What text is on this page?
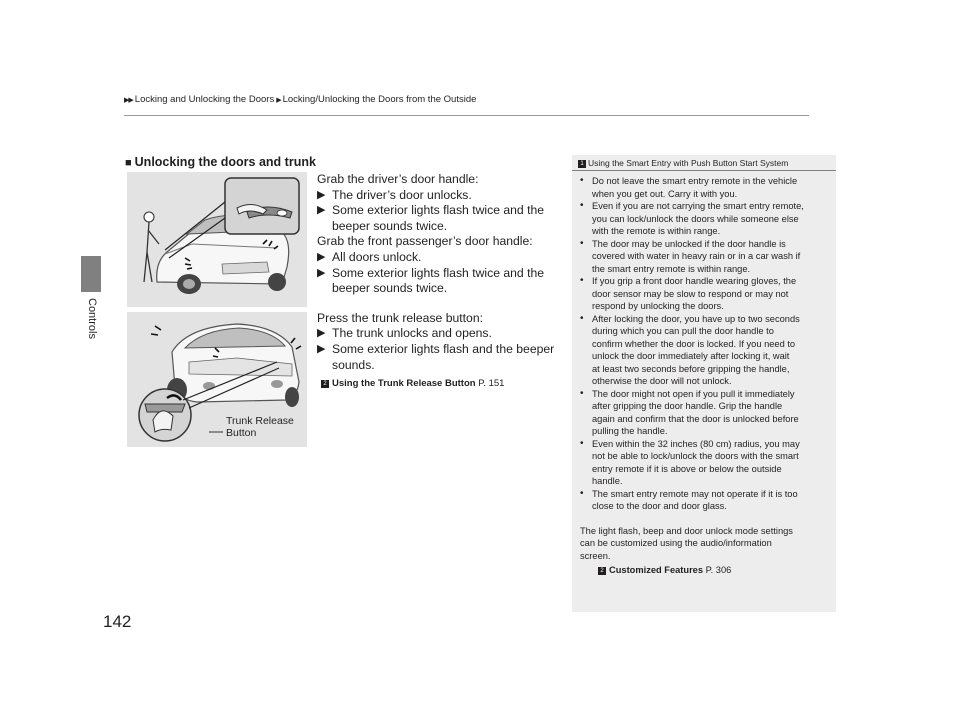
▶▶ Locking and Unlocking the Doors ▶ Locking/Unlocking the Doors from the Outside
Controls
142
■ Unlocking the doors and trunk
Trunk Release
Button
Grab the driver’s door handle:
▶ The driver’s door unlocks.
▶ Some exterior lights flash twice and the
beeper sounds twice.
Grab the front passenger’s door handle:
▶ All doors unlock.
▶ Some exterior lights flash twice and the
beeper sounds twice.
Press the trunk release button:
▶ The trunk unlocks and opens.
▶ Some exterior lights flash and the beeper
sounds.
2 Using the Trunk Release Button P. 151
1 Using the Smart Entry with Push Button Start System
• Do not leave the smart entry remote in the vehicle
when you get out. Carry it with you.
• Even if you are not carrying the smart entry remote,
you can lock/unlock the doors while someone else
with the remote is within range.
• The door may be unlocked if the door handle is
covered with water in heavy rain or in a car wash if
the smart entry remote is within range.
• If you grip a front door handle wearing gloves, the
door sensor may be slow to respond or may not
respond by unlocking the doors.
• After locking the door, you have up to two seconds
during which you can pull the door handle to
confirm whether the door is locked. If you need to
unlock the door immediately after locking it, wait
at least two seconds before gripping the handle,
otherwise the door will not unlock.
• The door might not open if you pull it immediately
after gripping the door handle. Grip the handle
again and confirm that the door is unlocked before
pulling the handle.
• Even within the 32 inches (80 cm) radius, you may
not be able to lock/unlock the doors with the smart
entry remote if it is above or below the outside
handle.
• The smart entry remote may not operate if it is too
close to the door and door glass.
The light flash, beep and door unlock mode settings
can be customized using the audio/information
screen.
2 Customized Features P. 306
